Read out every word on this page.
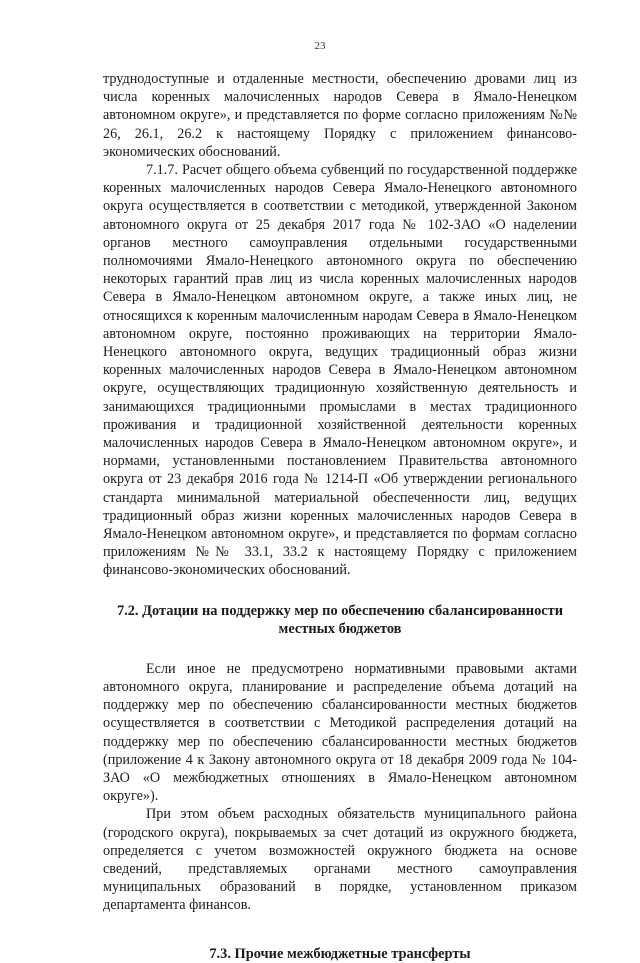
23

труднодоступные и отдаленные местности, обеспечению дровами лиц из числа коренных малочисленных народов Севера в Ямало-Ненецком автономном округе», и представляется по форме согласно приложениям №№ 26, 26.1, 26.2 к настоящему Порядку с приложением финансово-экономических обоснований.

7.1.7. Расчет общего объема субвенций по государственной поддержке коренных малочисленных народов Севера Ямало-Ненецкого автономного округа осуществляется в соответствии с методикой, утвержденной Законом автономного округа от 25 декабря 2017 года № 102-ЗАО «О наделении органов местного самоуправления отдельными государственными полномочиями Ямало-Ненецкого автономного округа по обеспечению некоторых гарантий прав лиц из числа коренных малочисленных народов Севера в Ямало-Ненецком автономном округе, а также иных лиц, не относящихся к коренным малочисленным народам Севера в Ямало-Ненецком автономном округе, постоянно проживающих на территории Ямало-Ненецкого автономного округа, ведущих традиционный образ жизни коренных малочисленных народов Севера в Ямало-Ненецком автономном округе, осуществляющих традиционную хозяйственную деятельность и занимающихся традиционными промыслами в местах традиционного проживания и традиционной хозяйственной деятельности коренных малочисленных народов Севера в Ямало-Ненецком автономном округе», и нормами, установленными постановлением Правительства автономного округа от 23 декабря 2016 года № 1214-П «Об утверждении регионального стандарта минимальной материальной обеспеченности лиц, ведущих традиционный образ жизни коренных малочисленных народов Севера в Ямало-Ненецком автономном округе», и представляется по формам согласно приложениям №№ 33.1, 33.2 к настоящему Порядку с приложением финансово-экономических обоснований.

7.2. Дотации на поддержку мер по обеспечению сбалансированности
местных бюджетов

Если иное не предусмотрено нормативными правовыми актами автономного округа, планирование и распределение объема дотаций на поддержку мер по обеспечению сбалансированности местных бюджетов осуществляется в соответствии с Методикой распределения дотаций на поддержку мер по обеспечению сбалансированности местных бюджетов (приложение 4 к Закону автономного округа от 18 декабря 2009 года № 104-ЗАО «О межбюджетных отношениях в Ямало-Ненецком автономном округе»).

При этом объем расходных обязательств муниципального района (городского округа), покрываемых за счет дотаций из окружного бюджета, определяется с учетом возможностей окружного бюджета на основе сведений, представляемых органами местного самоуправления муниципальных образований в порядке, установленном приказом департамента финансов.

7.3. Прочие межбюджетные трансферты
